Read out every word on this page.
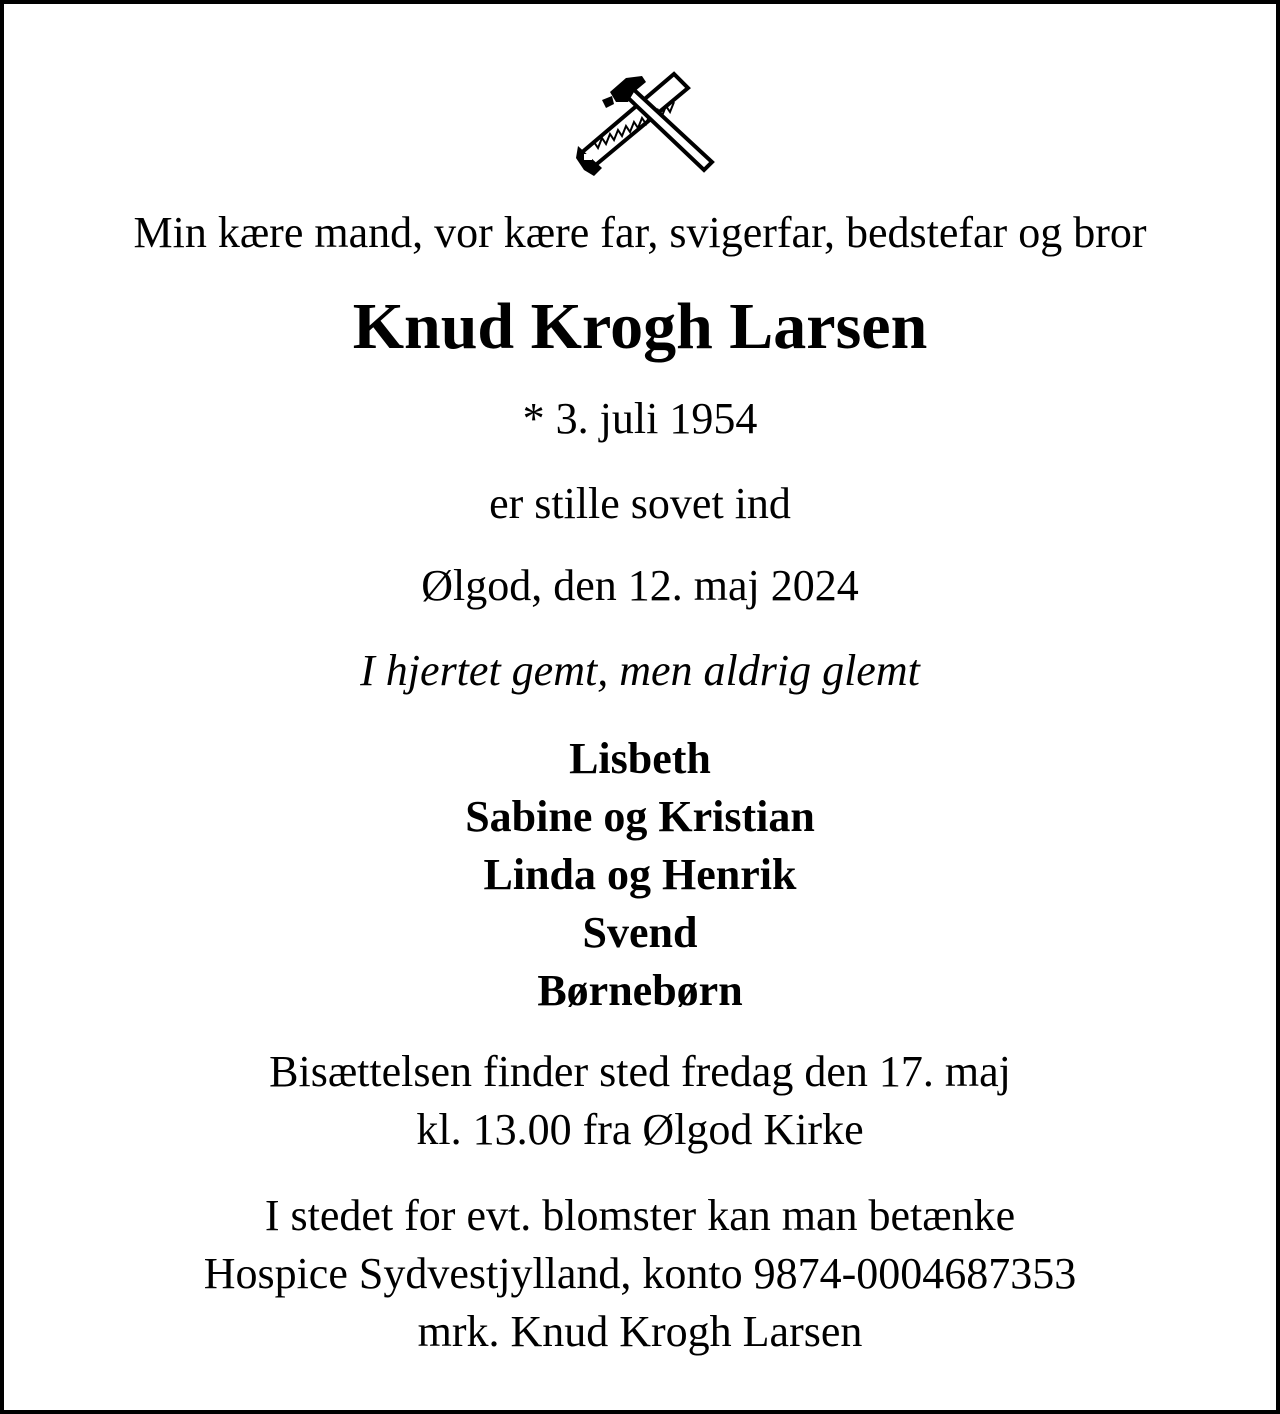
Min kære mand, vor kære far, svigerfar, bedstefar og bror

Knud Krogh Larsen

* 3. juli 1954

er stille sovet ind

Ølgod, den 12. maj 2024

I hjertet gemt, men aldrig glemt

Lisbeth
Sabine og Kristian
Linda og Henrik
Svend
Børnebørn

Bisættelsen finder sted fredag den 17. maj
kl. 13.00 fra Ølgod Kirke

I stedet for evt. blomster kan man betænke
Hospice Sydvestjylland, konto 9874-0004687353
mrk. Knud Krogh Larsen
